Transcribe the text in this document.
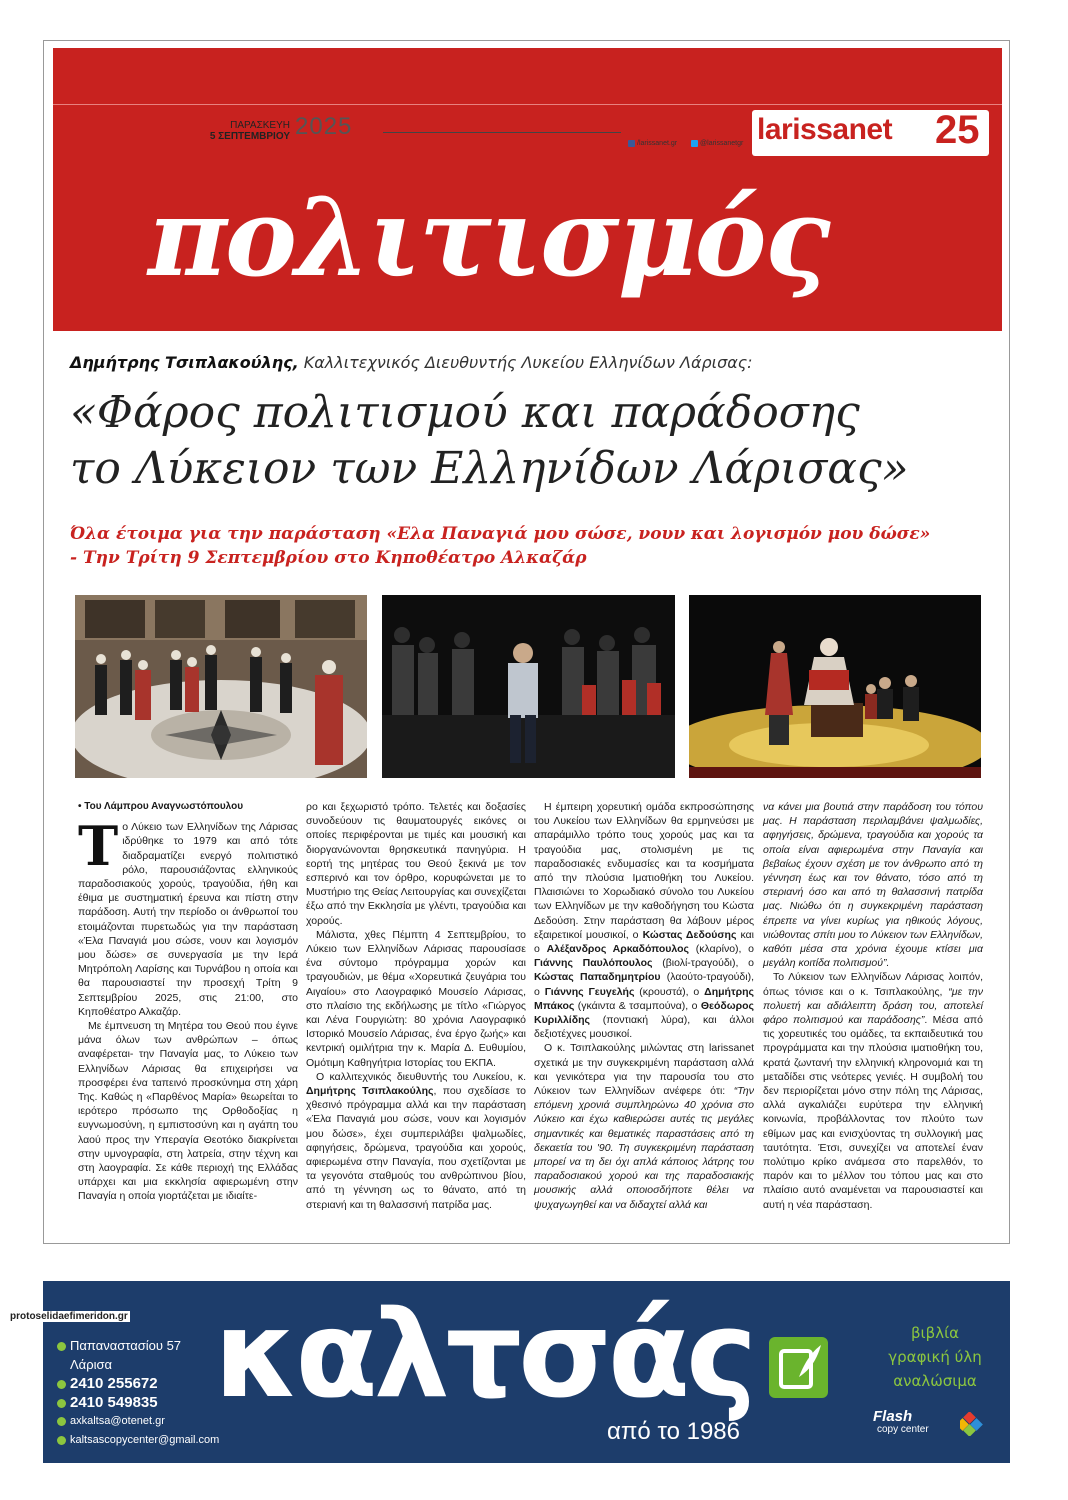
ΠΑΡΑΣΚΕΥΗ
5 ΣΕΠΤΕΜΒΡΙΟΥ 2025
/larissanet.gr	@larissanetgr larissanet 25
πολιτισμός
Δημήτρης Τσιπλακούλης, Καλλιτεχνικός Διευθυντής Λυκείου Ελληνίδων Λάρισας:
«Φάρος πολιτισμού και παράδοσης
το Λύκειον των Ελληνίδων Λάρισας»
Όλα έτοιμα για την παράσταση «Ελα Παναγιά μου σώσε, νουν και λογισμόν μου δώσε»
- Την Τρίτη 9 Σεπτεμβρίου στο Κηποθέατρο Αλκαζάρ

• Του Λάμπρου Αναγνωστόπουλου

Το Λύκειο των Ελληνίδων της Λάρισας ιδρύθηκε το 1979 και από τότε διαδραματίζει ενεργό πολιτιστικό ρόλο, παρουσιάζοντας ελληνικούς παραδοσιακούς χορούς, τραγούδια, ήθη και έθιμα με συστηματική έρευνα και πίστη στην παράδοση. Αυτή την περίοδο οι άνθρωποί του ετοιμάζονται πυρετωδώς για την παράσταση «Έλα Παναγιά μου σώσε, νουν και λογισμόν μου δώσε» σε συνεργασία με την Ιερά Μητρόπολη Λαρίσης και Τυρνάβου η οποία και θα παρουσιαστεί την προσεχή Τρίτη 9 Σεπτεμβρίου 2025, στις 21:00, στο Κηποθέατρο Αλκαζάρ.

Με έμπνευση τη Μητέρα του Θεού που έγινε μάνα όλων των ανθρώπων – όπως αναφέρεται- την Παναγία μας, το Λύκειο των Ελληνίδων Λάρισας θα επιχειρήσει να προσφέρει ένα ταπεινό προσκύνημα στη χάρη Της. Καθώς η «Παρθένος Μαρία» θεωρείται το ιερότερο πρόσωπο της Ορθοδοξίας η ευγνωμοσύνη, η εμπιστοσύνη και η αγάπη του λαού προς την Υπεραγία Θεοτόκο διακρίνεται στην υμνογραφία, στη λατρεία, στην τέχνη και στη λαογραφία. Σε κάθε περιοχή της Ελλάδας υπάρχει και μια εκκλησία αφιερωμένη στην Παναγία η οποία γιορτάζεται με ιδιαίτε-

ρο και ξεχωριστό τρόπο. Τελετές και δοξασίες συνοδεύουν τις θαυματουργές εικόνες οι οποίες περιφέρονται με τιμές και μουσική και διοργανώνονται θρησκευτικά πανηγύρια. Η εορτή της μητέρας του Θεού ξεκινά με τον εσπερινό και τον όρθρο, κορυφώνεται με το Μυστήριο της Θείας Λειτουργίας και συνεχίζεται έξω από την Εκκλησία με γλέντι, τραγούδια και χορούς.

Μάλιστα, χθες Πέμπτη 4 Σεπτεμβρίου, το Λύκειο των Ελληνίδων Λάρισας παρουσίασε ένα σύντομο πρόγραμμα χορών και τραγουδιών, με θέμα «Χορευτικά ζευγάρια του Αιγαίου» στο Λαογραφικό Μουσείο Λάρισας, στο πλαίσιο της εκδήλωσης με τίτλο «Γιώργος και Λένα Γουργιώτη: 80 χρόνια Λαογραφικό Ιστορικό Μουσείο Λάρισας, ένα έργο ζωής» και κεντρική ομιλήτρια την κ. Μαρία Δ. Ευθυμίου, Ομότιμη Καθηγήτρια Ιστορίας του ΕΚΠΑ.

Ο καλλιτεχνικός διευθυντής του Λυκείου, κ. Δημήτρης Τσιπλακούλης, που σχεδίασε το χθεσινό πρόγραμμα αλλά και την παράσταση «Έλα Παναγιά μου σώσε, νουν και λογισμόν μου δώσε», έχει συμπεριλάβει ψαλμωδίες, αφηγήσεις, δρώμενα, τραγούδια και χορούς, αφιερωμένα στην Παναγία, που σχετίζονται με τα γεγονότα σταθμούς του ανθρώπινου βίου, από τη γέννηση ως το θάνατο, από τη στεριανή και τη θαλασσινή πατρίδα μας.

Η έμπειρη χορευτική ομάδα εκπροσώπησης του Λυκείου των Ελληνίδων θα ερμηνεύσει με απαράμιλλο τρόπο τους χορούς μας και τα τραγούδια μας, στολισμένη με τις παραδοσιακές ενδυμασίες και τα κοσμήματα από την πλούσια Ιματιοθήκη του Λυκείου. Πλαισιώνει το Χορωδιακό σύνολο του Λυκείου των Ελληνίδων με την καθοδήγηση του Κώστα Δεδούση. Στην παράσταση θα λάβουν μέρος εξαιρετικοί μουσικοί, ο Κώστας Δεδούσης και ο Αλέξανδρος Αρκαδόπουλος (κλαρίνο), ο Γιάννης Παυλόπουλος (βιολί-τραγούδι), ο Κώστας Παπαδημητρίου (λαούτο-τραγούδι), ο Γιάννης Γευγελής (κρουστά), ο Δημήτρης Μπάκος (γκάιντα & τσαμπούνα), ο Θεόδωρος Κυριλλίδης (ποντιακή λύρα), και άλλοι δεξιοτέχνες μουσικοί.

Ο κ. Τσιπλακούλης μιλώντας στη larissanet σχετικά με την συγκεκριμένη παράσταση αλλά και γενικότερα για την παρουσία του στο Λύκειον των Ελληνίδων ανέφερε ότι: “Την επόμενη χρονιά συμπληρώνω 40 χρόνια στο Λύκειο και έχω καθιερώσει αυτές τις μεγάλες σημαντικές και θεματικές παραστάσεις από τη δεκαετία του '90. Τη συγκεκριμένη παράσταση μπορεί να τη δει όχι απλά κάποιος λάτρης του παραδοσιακού χορού και της παραδοσιακής μουσικής αλλά οποιοσδήποτε θέλει να ψυχαγωγηθεί και να διδαχτεί αλλά και

να κάνει μια βουτιά στην παράδοση του τόπου μας. Η παράσταση περιλαμβάνει ψαλμωδίες, αφηγήσεις, δρώμενα, τραγούδια και χορούς τα οποία είναι αφιερωμένα στην Παναγία και βεβαίως έχουν σχέση με τον άνθρωπο από τη γέννηση έως και τον θάνατο, τόσο από τη στεριανή όσο και από τη θαλασσινή πατρίδα μας. Νιώθω ότι η συγκεκριμένη παράσταση έπρεπε να γίνει κυρίως για ηθικούς λόγους, νιώθοντας σπίτι μου το Λύκειον των Ελληνίδων, καθότι μέσα στα χρόνια έχουμε κτίσει μια μεγάλη κοιτίδα πολιτισμού”.

Το Λύκειον των Ελληνίδων Λάρισας λοιπόν, όπως τόνισε και ο κ. Τσιπλακούλης, “με την πολυετή και αδιάλειπτη δράση του, αποτελεί φάρο πολιτισμού και παράδοσης”. Μέσα από τις χορευτικές του ομάδες, τα εκπαιδευτικά του προγράμματα και την πλούσια ιματιοθήκη του, κρατά ζωντανή την ελληνική κληρονομιά και τη μεταδίδει στις νεότερες γενιές. Η συμβολή του δεν περιορίζεται μόνο στην πόλη της Λάρισας, αλλά αγκαλιάζει ευρύτερα την ελληνική κοινωνία, προβάλλοντας τον πλούτο των εθίμων μας και ενισχύοντας τη συλλογική μας ταυτότητα. Έτσι, συνεχίζει να αποτελεί έναν πολύτιμο κρίκο ανάμεσα στο παρελθόν, το παρόν και το μέλλον του τόπου μας και στο πλαίσιο αυτό αναμένεται να παρουσιαστεί και αυτή η νέα παράσταση.

Παπαναστασίου 57
Λάρισα
2410 255672
2410 549835
axkaltsa@otenet.gr
kaltsascopycenter@gmail.com
καλτσάς
από το 1986
βιβλία
γραφική ύλη
αναλώσιμα
Flash
copy center
protoselidaefimeridon.gr
